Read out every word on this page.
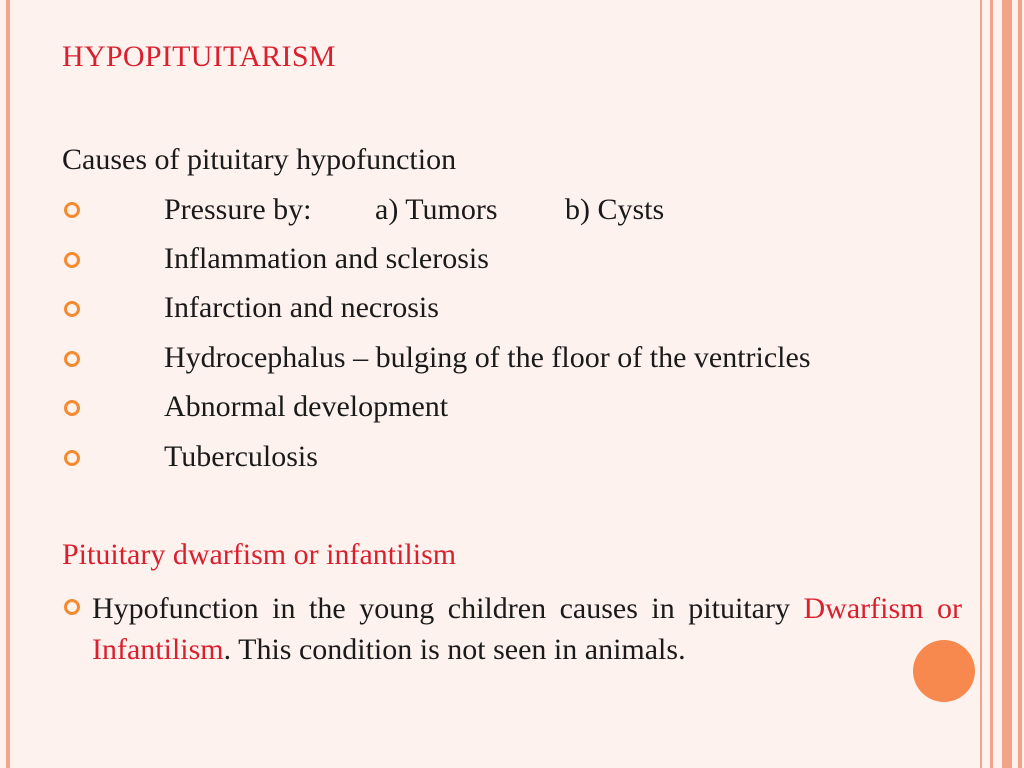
HYPOPITUITARISM
Causes of pituitary hypofunction
Pressure by: a) Tumors b) Cysts
Inflammation and sclerosis
Infarction and necrosis
Hydrocephalus – bulging of the floor of the ventricles
Abnormal development
Tuberculosis
Pituitary dwarfism or infantilism
Hypofunction in the young children causes in pituitary Dwarfism or Infantilism. This condition is not seen in animals.
